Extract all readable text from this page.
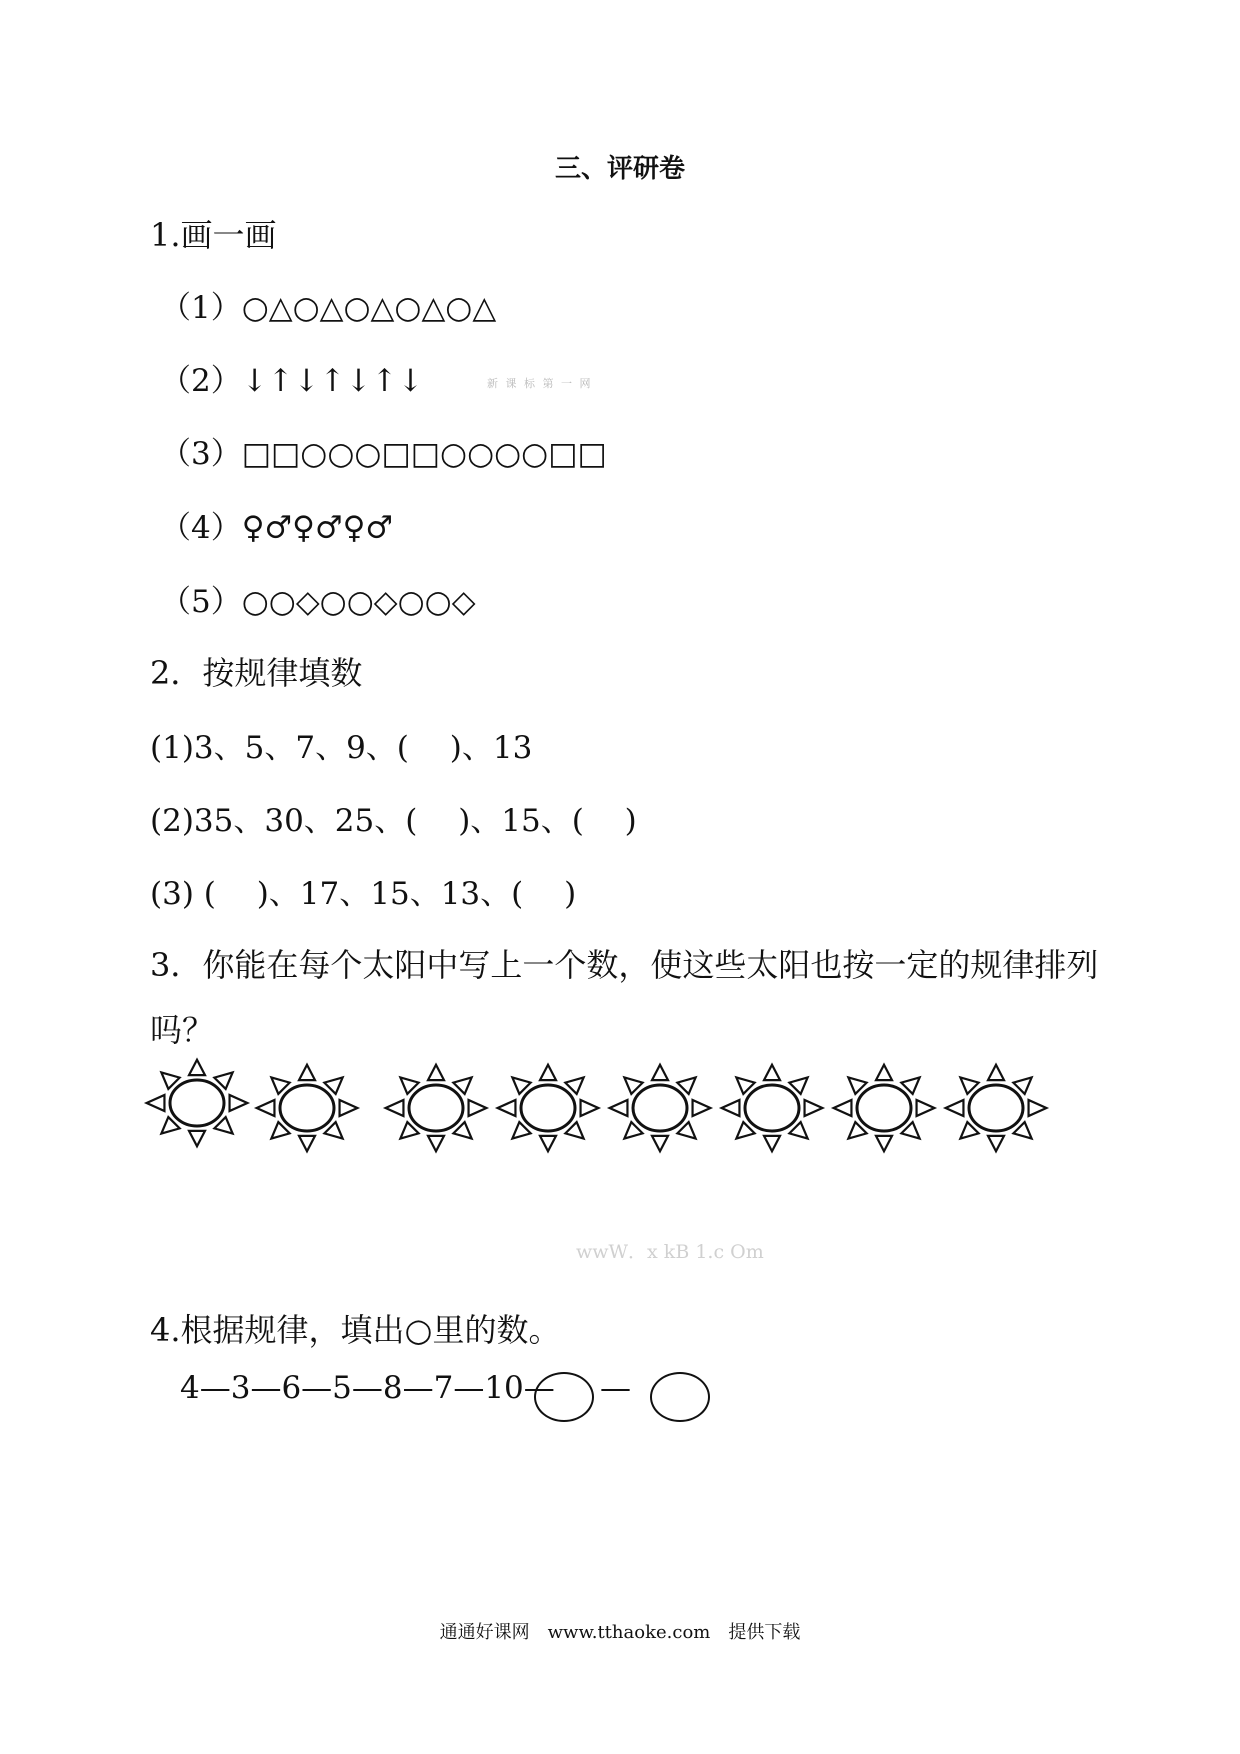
三、评研卷
1.画一画
（1）○△○△○△○△○△
（2）↓↑↓↑↓↑↓	新 课 标 第 一 网
（3）□□○○○□□○○○○□□
（4）♀♂♀♂♀♂
（5）○○◇○○◇○○◇
2．按规律填数
(1)3、5、7、9、(　 )、13
(2)35、30、25、(　 )、15、(　 )
(3) (　 )、17、15、13、(　 )
3．你能在每个太阳中写上一个数，使这些太阳也按一定的规律排列
吗？
wwW．x kB 1.c Om
4.根据规律，填出○里的数。
4—3—6—5—8—7—10— —
通通好课网　www.tthaoke.com　提供下载
